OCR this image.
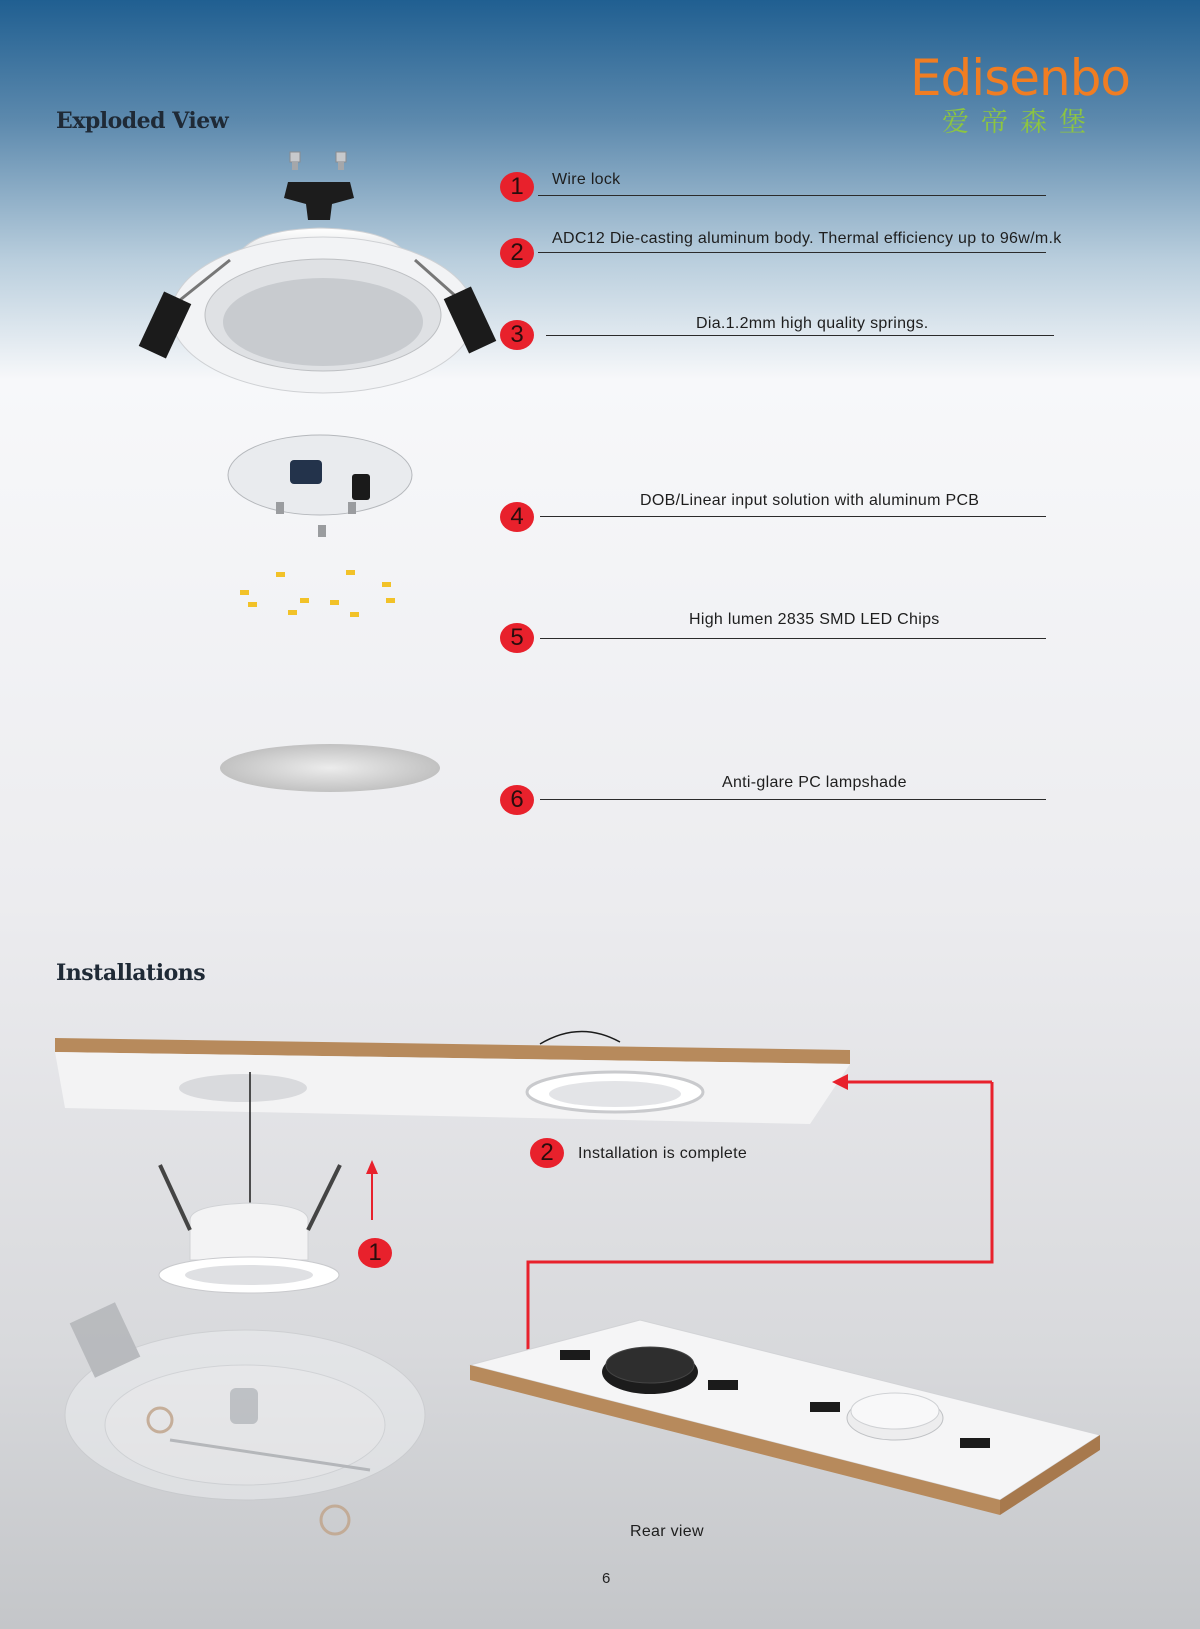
Edisenbo
爱帝森堡
Exploded View
Installations
1	Wire lock
2
ADC12 Die-casting aluminum body. Thermal efficiency up to 96w/m.k
3	Dia.1.2mm high quality springs.
4
DOB/Linear input solution with aluminum PCB
5
High lumen 2835 SMD LED Chips
6
Anti-glare PC lampshade
1
2	Installation is complete
Rear view
6
